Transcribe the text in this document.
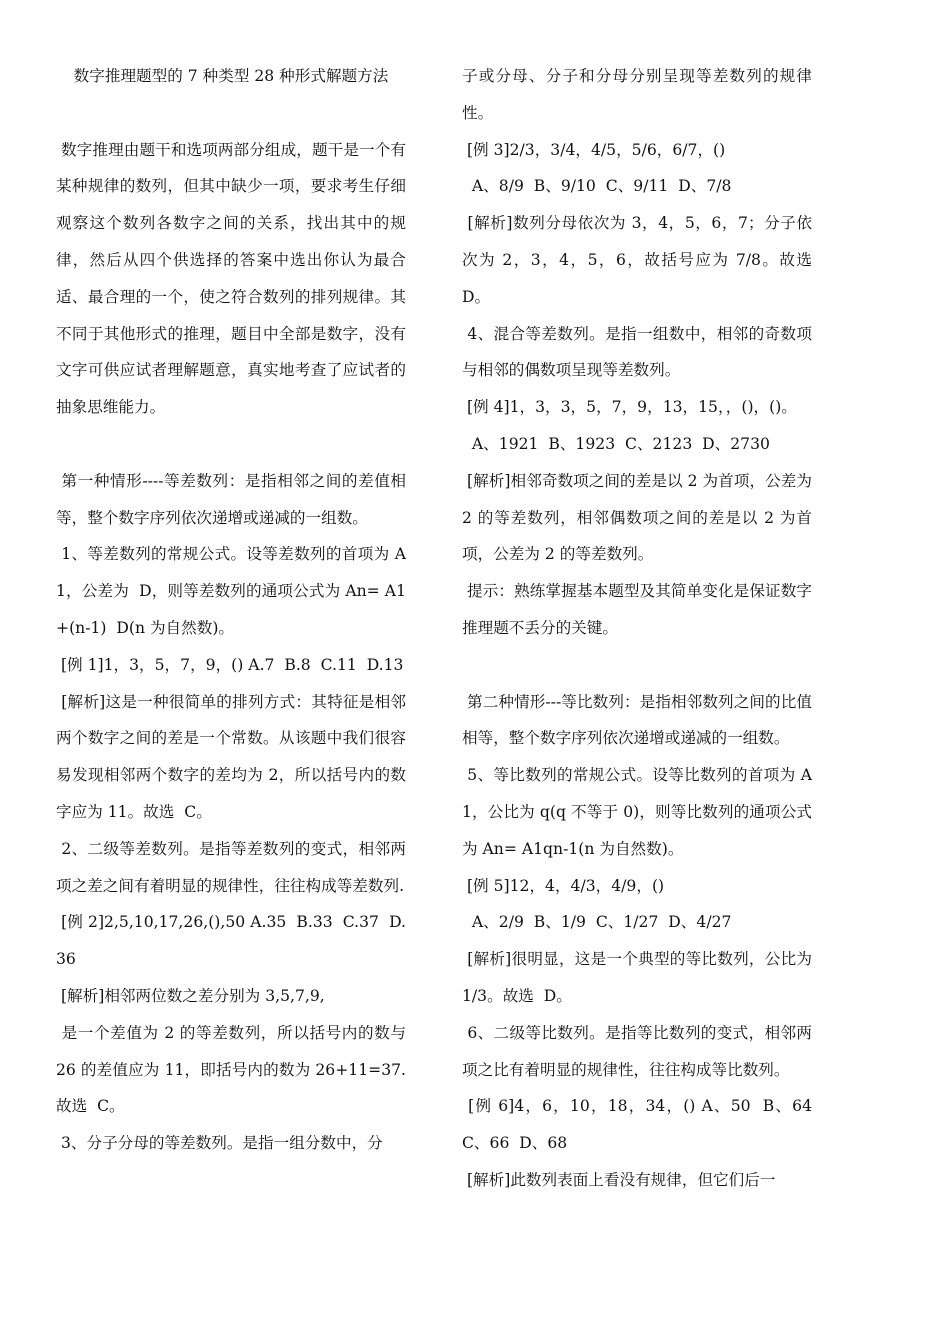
数字推理题型的 7 种类型 28 种形式解题方法

数字推理由题干和选项两部分组成，题干是一个有某种规律的数列，但其中缺少一项，要求考生仔细观察这个数列各数字之间的关系，找出其中的规律，然后从四个供选择的答案中选出你认为最合适、最合理的一个，使之符合数列的排列规律。其不同于其他形式的推理，题目中全部是数字，没有文字可供应试者理解题意，真实地考查了应试者的抽象思维能力。

第一种情形----等差数列：是指相邻之间的差值相等，整个数字序列依次递增或递减的一组数。

1、等差数列的常规公式。设等差数列的首项为 A1，公差为  D，则等差数列的通项公式为 An= A1+(n-1)  D(n 为自然数)。

[例 1]1，3，5，7，9，() A.7  B.8  C.11  D.13

[解析]这是一种很简单的排列方式：其特征是相邻两个数字之间的差是一个常数。从该题中我们很容易发现相邻两个数字的差均为 2，所以括号内的数字应为 11。故选  C。

2、二级等差数列。是指等差数列的变式，相邻两项之差之间有着明显的规律性，往往构成等差数列.

[例 2]2,5,10,17,26,(),50 A.35  B.33  C.37  D.36

[解析]相邻两位数之差分别为 3,5,7,9,

是一个差值为 2 的等差数列，所以括号内的数与 26 的差值应为 11，即括号内的数为 26+11=37. 故选  C。

3、分子分母的等差数列。是指一组分数中，分

子或分母、分子和分母分别呈现等差数列的规律性。

[例 3]2/3，3/4，4/5，5/6，6/7，()

A、8/9  B、9/10  C、9/11  D、7/8

[解析]数列分母依次为 3，4，5，6，7；分子依次为 2，3，4，5，6，故括号应为 7/8。故选  D。

4、混合等差数列。是指一组数中，相邻的奇数项与相邻的偶数项呈现等差数列。

[例 4]1，3，3，5，7，9，13，15，，()，()。

A、1921  B、1923  C、2123  D、2730

[解析]相邻奇数项之间的差是以 2 为首项，公差为 2 的等差数列，相邻偶数项之间的差是以 2 为首项，公差为 2 的等差数列。

提示：熟练掌握基本题型及其简单变化是保证数字推理题不丢分的关键。

第二种情形---等比数列：是指相邻数列之间的比值相等，整个数字序列依次递增或递减的一组数。

5、等比数列的常规公式。设等比数列的首项为 A1，公比为 q(q 不等于 0)，则等比数列的通项公式为 An= A1qn-1(n 为自然数)。

[例 5]12，4，4/3，4/9，()

A、2/9  B、1/9  C、1/27  D、4/27

[解析]很明显，这是一个典型的等比数列，公比为 1/3。故选  D。

6、二级等比数列。是指等比数列的变式，相邻两项之比有着明显的规律性，往往构成等比数列。

[例 6]4，6，10，18，34，() A、50  B、64  C、66  D、68

[解析]此数列表面上看没有规律，但它们后一
